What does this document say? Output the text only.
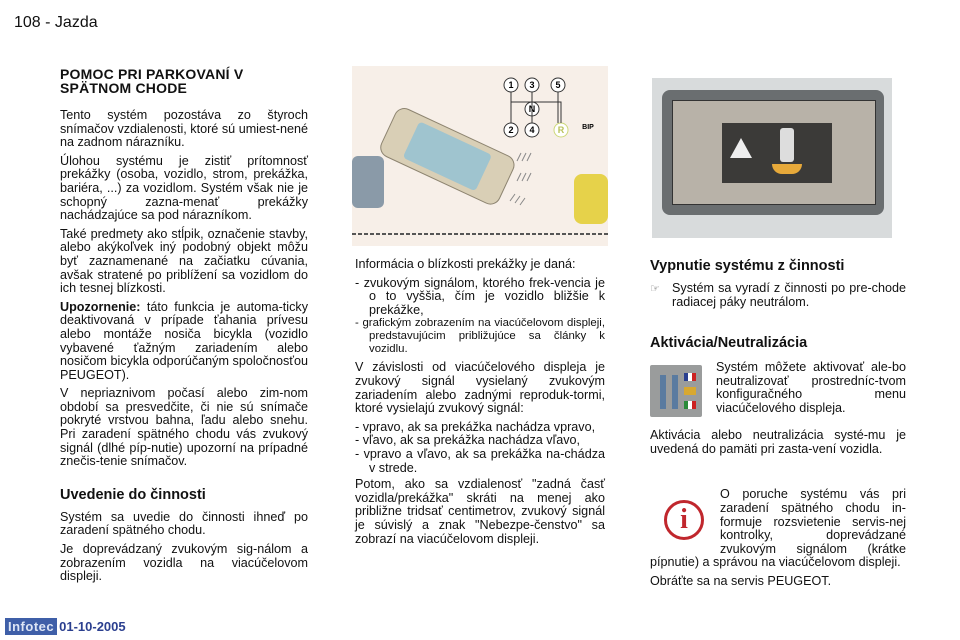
108 - Jazda
POMOC PRI PARKOVANÍ V SPÄTNOM CHODE

Tento systém pozostáva zo štyroch snímačov vzdialenosti, ktoré sú umiest-nené na zadnom nárazníku.

Úlohou systému je zistiť prítomnosť prekážky (osoba, vozidlo, strom, prekážka, bariéra, ...) za vozidlom. Systém však nie je schopný zazna-menať prekážky nachádzajúce sa pod nárazníkom.

Také predmety ako stĺpik, označenie stavby, alebo akýkoľvek iný podobný objekt môžu byť zaznamenané na začiatku cúvania, avšak stratené po priblížení sa vozidlom do ich tesnej blízkosti.

Upozornenie: táto funkcia je automa-ticky deaktivovaná v prípade ťahania prívesu alebo montáže nosiča bicykla (vozidlo vybavené ťažným zariadením alebo nosičom bicykla odporúčaným spoločnosťou PEUGEOT).

V nepriaznivom počasí alebo zim-nom období sa presvedčite, či nie sú snímače pokryté vrstvou bahna, ľadu alebo snehu. Pri zaradení spätného chodu vás zvukový signál (dlhé píp-nutie) upozorní na prípadné znečis-tenie snímačov.

Uvedenie do činnosti

Systém sa uvedie do činnosti ihneď po zaradení spätného chodu.

Je doprevádzaný zvukovým sig-nálom a zobrazením vozidla na viacúčelovom displeji.

1 3 5
N
2 4	R	BIP

Informácia o blízkosti prekážky je daná:

- zvukovým signálom, ktorého frek-vencia je o to vyššia, čím je vozidlo bližšie k prekážke,
- grafickým zobrazením na viacúčelovom displeji, predstavujúcim približujúce sa články k vozidlu.

V závislosti od viacúčelového displeja je zvukový signál vysielaný zvukovým zariadením alebo zadnými reproduk-tormi, ktoré vysielajú zvukový signál:

- vpravo, ak sa prekážka nachádza vpravo,
- vľavo, ak sa prekážka nachádza vľavo,
- vpravo a vľavo, ak sa prekážka na-chádza v strede.

Potom, ako sa vzdialenosť "zadná časť vozidla/prekážka" skráti na menej ako približne tridsať centimetrov, zvukový signál je súvislý a znak "Nebezpe-čenstvo" sa zobrazí na viacúčelovom displeji.

Vypnutie systému z činnosti
☞ Systém sa vyradí z činnosti po pre-chode radiacej páky neutrálom.

Aktivácia/Neutralizácia

Systém môžete aktivovať ale-bo neutralizovať prostredníc-tvom konfiguračného menu viacúčelového displeja.

Aktivácia alebo neutralizácia systé-mu je uvedená do pamäti pri zasta-vení vozidla.

i

O poruche systému vás pri zaradení spätného chodu in-formuje rozsvietenie servis-nej kontrolky, doprevádzané zvukovým signálom (krátke pípnutie) a správou na viacúčelovom displeji.

Obráťte sa na servis PEUGEOT.

Infotec 01-10-2005
